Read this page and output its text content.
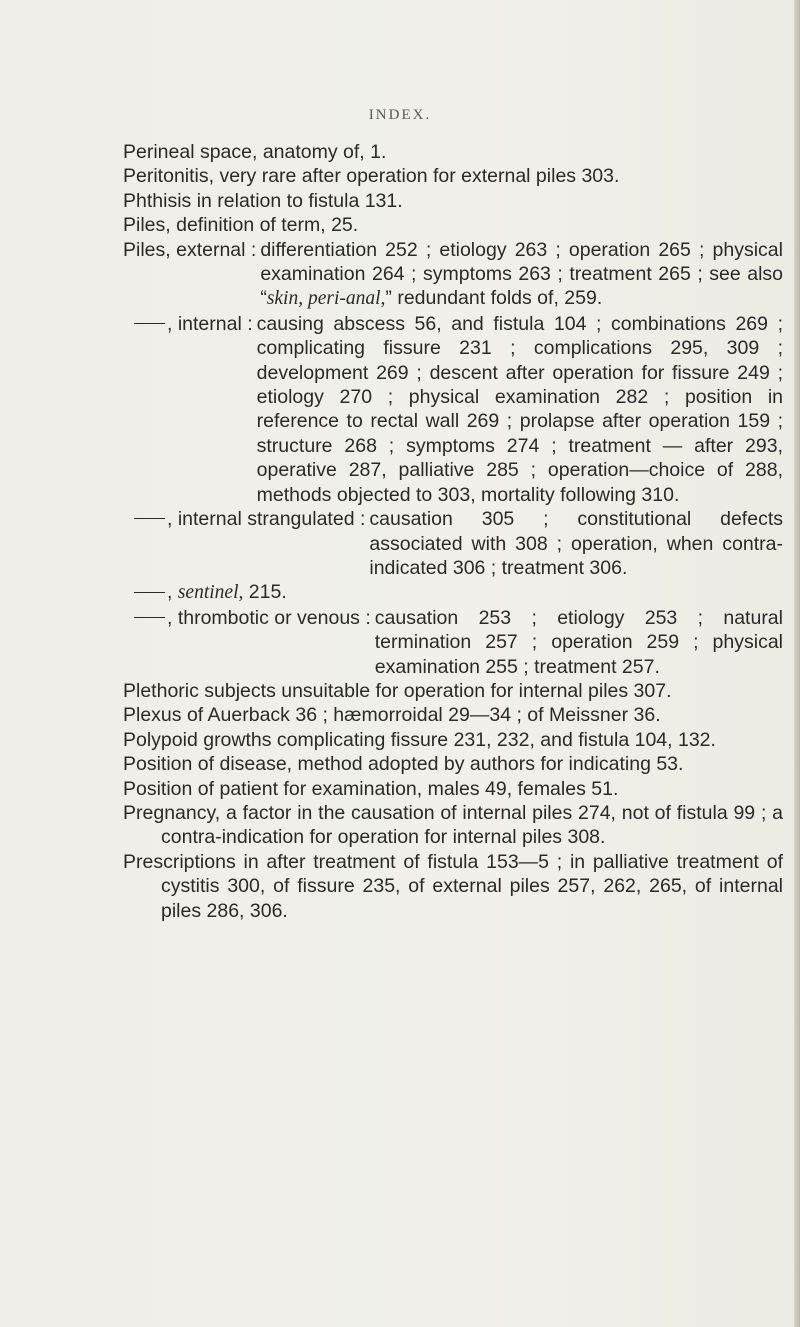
INDEX.

Perineal space, anatomy of, 1.

Peritonitis, very rare after operation for external piles 303.

Phthisis in relation to fistula 131.

Piles, definition of term, 25.

Piles, external : differentiation 252 ; etiology 263 ; operation 265 ; physical examination 264 ; symptoms 263 ; treatment 265 ; see also “skin, peri-anal,” redundant folds of, 259.
, internal : causing abscess 56, and fistula 104 ; combinations 269 ; complicating fissure 231 ; complications 295, 309 ; development 269 ; descent after operation for fissure 249 ; etiology 270 ; physical examination 282 ; position in reference to rectal wall 269 ; prolapse after operation 159 ; structure 268 ; symptoms 274 ; treatment — after 293, operative 287, palliative 285 ; operation—choice of 288, methods objected to 303, mortality following 310.
, internal strangulated : causation 305 ; constitutional defects associated with 308 ; operation, when contra-indicated 306 ; treatment 306.
, sentinel, 215.
, thrombotic or venous : causation 253 ; etiology 253 ; natural termination 257 ; operation 259 ; physical examination 255 ; treatment 257.

Plethoric subjects unsuitable for operation for internal piles 307.

Plexus of Auerback 36 ; hæmorroidal 29—34 ; of Meissner 36.

Polypoid growths complicating fissure 231, 232, and fistula 104, 132.

Position of disease, method adopted by authors for indicating 53.

Position of patient for examination, males 49, females 51.

Pregnancy, a factor in the causation of internal piles 274, not of fistula 99 ; a contra-indication for operation for internal piles 308.

Prescriptions in after treatment of fistula 153—5 ; in palliative treatment of cystitis 300, of fissure 235, of external piles 257, 262, 265, of internal piles 286, 306.
